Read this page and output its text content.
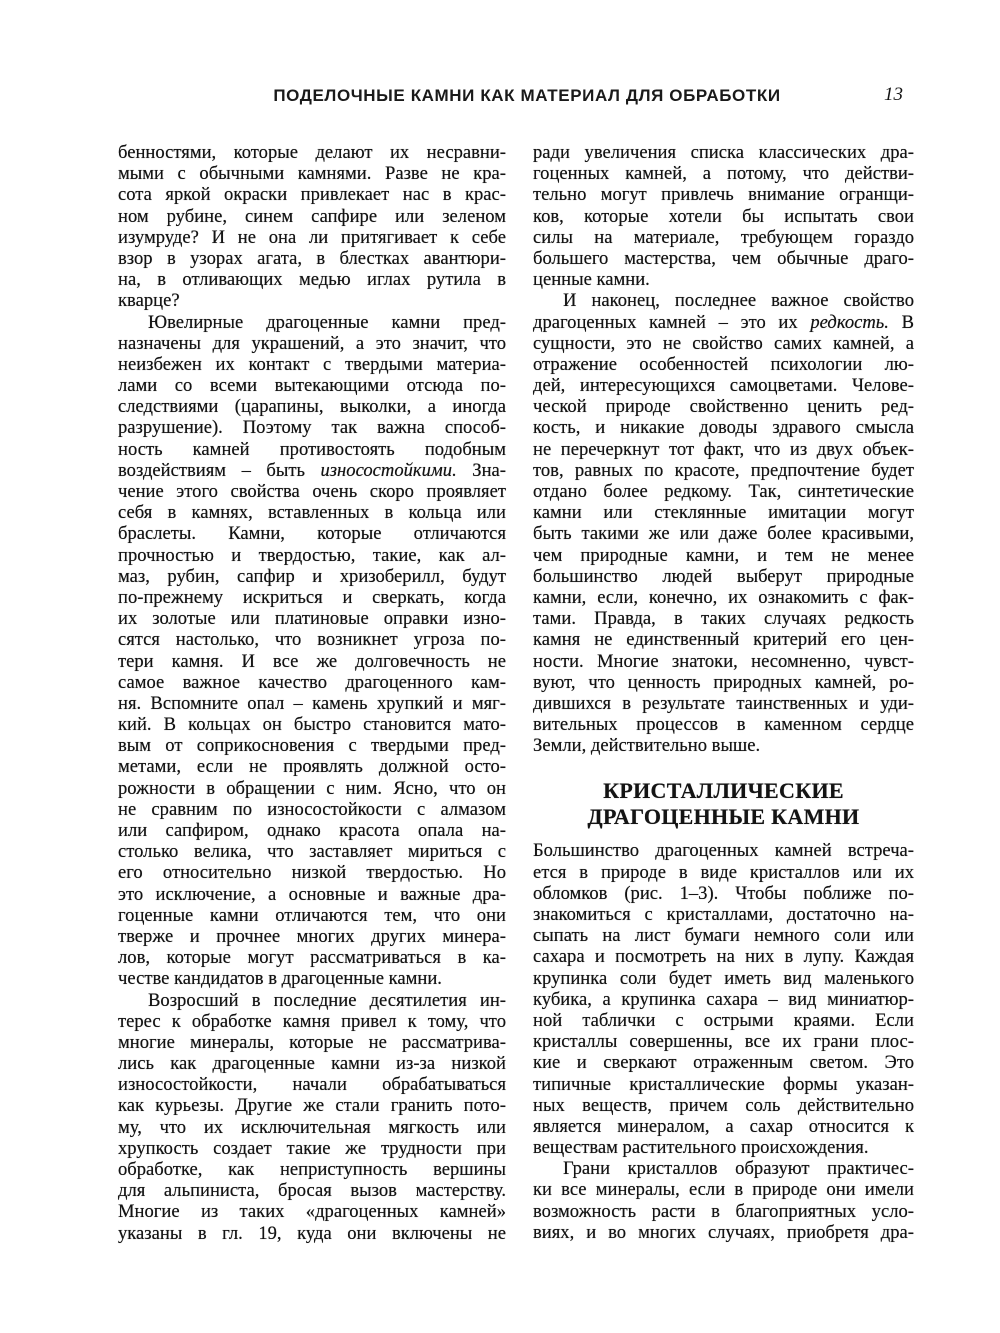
ПОДЕЛОЧНЫЕ КАМНИ КАК МАТЕРИАЛ ДЛЯ ОБРАБОТКИ	13
бенностями, которые делают их несравни-
мыми с обычными камнями. Разве не кра-
сота яркой окраски привлекает нас в крас-
ном рубине, синем сапфире или зеленом
изумруде? И не она ли притягивает к себе
взор в узорах агата, в блестках авантюри-
на, в отливающих медью иглах рутила в
кварце?
Ювелирные драгоценные камни пред-
назначены для украшений, а это значит, что
неизбежен их контакт с твердыми материа-
лами со всеми вытекающими отсюда по-
следствиями (царапины, выколки, а иногда
разрушение). Поэтому так важна способ-
ность камней противостоять подобным
воздействиям – быть износостойкими. Зна-
чение этого свойства очень скоро проявляет
себя в камнях, вставленных в кольца или
браслеты. Камни, которые отличаются
прочностью и твердостью, такие, как ал-
маз, рубин, сапфир и хризоберилл, будут
по-прежнему искриться и сверкать, когда
их золотые или платиновые оправки изно-
сятся настолько, что возникнет угроза по-
тери камня. И все же долговечность не
самое важное качество драгоценного кам-
ня. Вспомните опал – камень хрупкий и мяг-
кий. В кольцах он быстро становится мато-
вым от соприкосновения с твердыми пред-
метами, если не проявлять должной осто-
рожности в обращении с ним. Ясно, что он
не сравним по износостойкости с алмазом
или сапфиром, однако красота опала на-
столько велика, что заставляет мириться с
его относительно низкой твердостью. Но
это исключение, а основные и важные дра-
гоценные камни отличаются тем, что они
тверже и прочнее многих других минера-
лов, которые могут рассматриваться в ка-
честве кандидатов в драгоценные камни.
Возросший в последние десятилетия ин-
терес к обработке камня привел к тому, что
многие минералы, которые не рассматрива-
лись как драгоценные камни из-за низкой
износостойкости, начали обрабатываться
как курьезы. Другие же стали гранить пото-
му, что их исключительная мягкость или
хрупкость создает такие же трудности при
обработке, как неприступность вершины
для альпиниста, бросая вызов мастерству.
Многие из таких «драгоценных камней»
указаны в гл. 19, куда они включены не
ради увеличения списка классических дра-
гоценных камней, а потому, что действи-
тельно могут привлечь внимание огранщи-
ков, которые хотели бы испытать свои
силы на материале, требующем гораздо
большего мастерства, чем обычные драго-
ценные камни.
И наконец, последнее важное свойство
драгоценных камней – это их редкость. В
сущности, это не свойство самих камней, а
отражение особенностей психологии лю-
дей, интересующихся самоцветами. Челове-
ческой природе свойственно ценить ред-
кость, и никакие доводы здравого смысла
не перечеркнут тот факт, что из двух объек-
тов, равных по красоте, предпочтение будет
отдано более редкому. Так, синтетические
камни или стеклянные имитации могут
быть такими же или даже более красивыми,
чем природные камни, и тем не менее
большинство людей выберут природные
камни, если, конечно, их ознакомить с фак-
тами. Правда, в таких случаях редкость
камня не единственный критерий его цен-
ности. Многие знатоки, несомненно, чувст-
вуют, что ценность природных камней, ро-
дившихся в результате таинственных и уди-
вительных процессов в каменном сердце
Земли, действительно выше.
КРИСТАЛЛИЧЕСКИЕ
ДРАГОЦЕННЫЕ КАМНИ
Большинство драгоценных камней встреча-
ется в природе в виде кристаллов или их
обломков (рис. 1–3). Чтобы поближе по-
знакомиться с кристаллами, достаточно на-
сыпать на лист бумаги немного соли или
сахара и посмотреть на них в лупу. Каждая
крупинка соли будет иметь вид маленького
кубика, а крупинка сахара – вид миниатюр-
ной таблички с острыми краями. Если
кристаллы совершенны, все их грани плос-
кие и сверкают отраженным светом. Это
типичные кристаллические формы указан-
ных веществ, причем соль действительно
является минералом, а сахар относится к
веществам растительного происхождения.
Грани кристаллов образуют практичес-
ки все минералы, если в природе они имели
возможность расти в благоприятных усло-
виях, и во многих случаях, приобретя дра-
